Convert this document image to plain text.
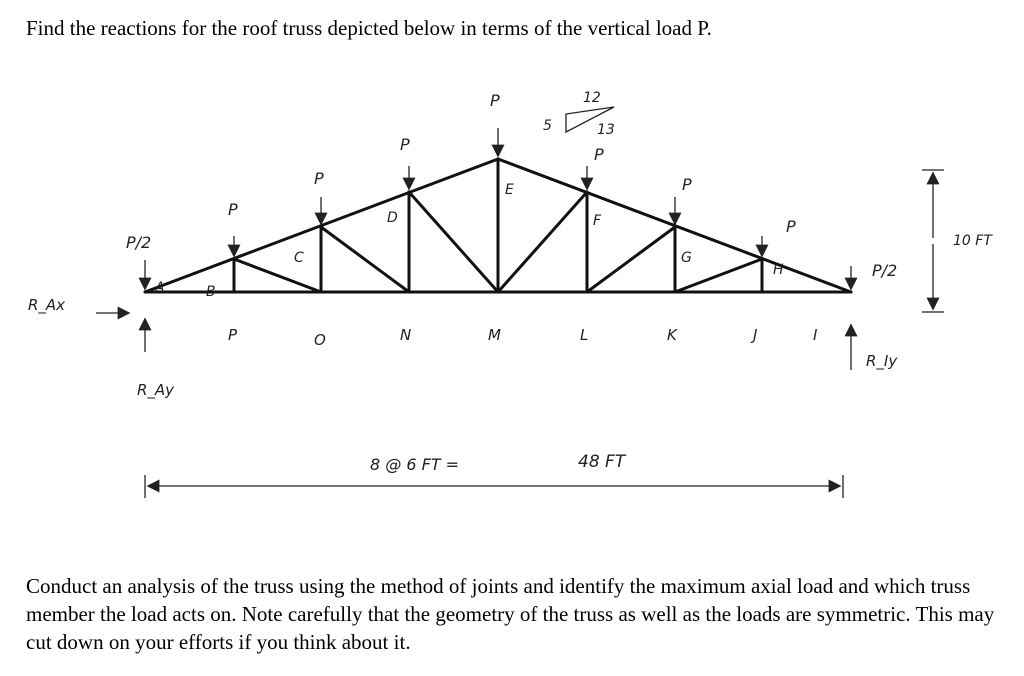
Find the reactions for the roof truss depicted below in terms of the vertical load P.

P/2
P
P
P
P
P
P
P
P/2
5
12
13
A	B
C
D
E
F
G
H
P	O	N	M	L	K	J	I
R_Ax
R_Ay
R_Iy
10 FT
8 @ 6 FT =	48 FT

Conduct an analysis of the truss using the method of joints and identify the maximum axial load and which truss member the load acts on. Note carefully that the geometry of the truss as well as the loads are symmetric. This may cut down on your efforts if you think about it.
